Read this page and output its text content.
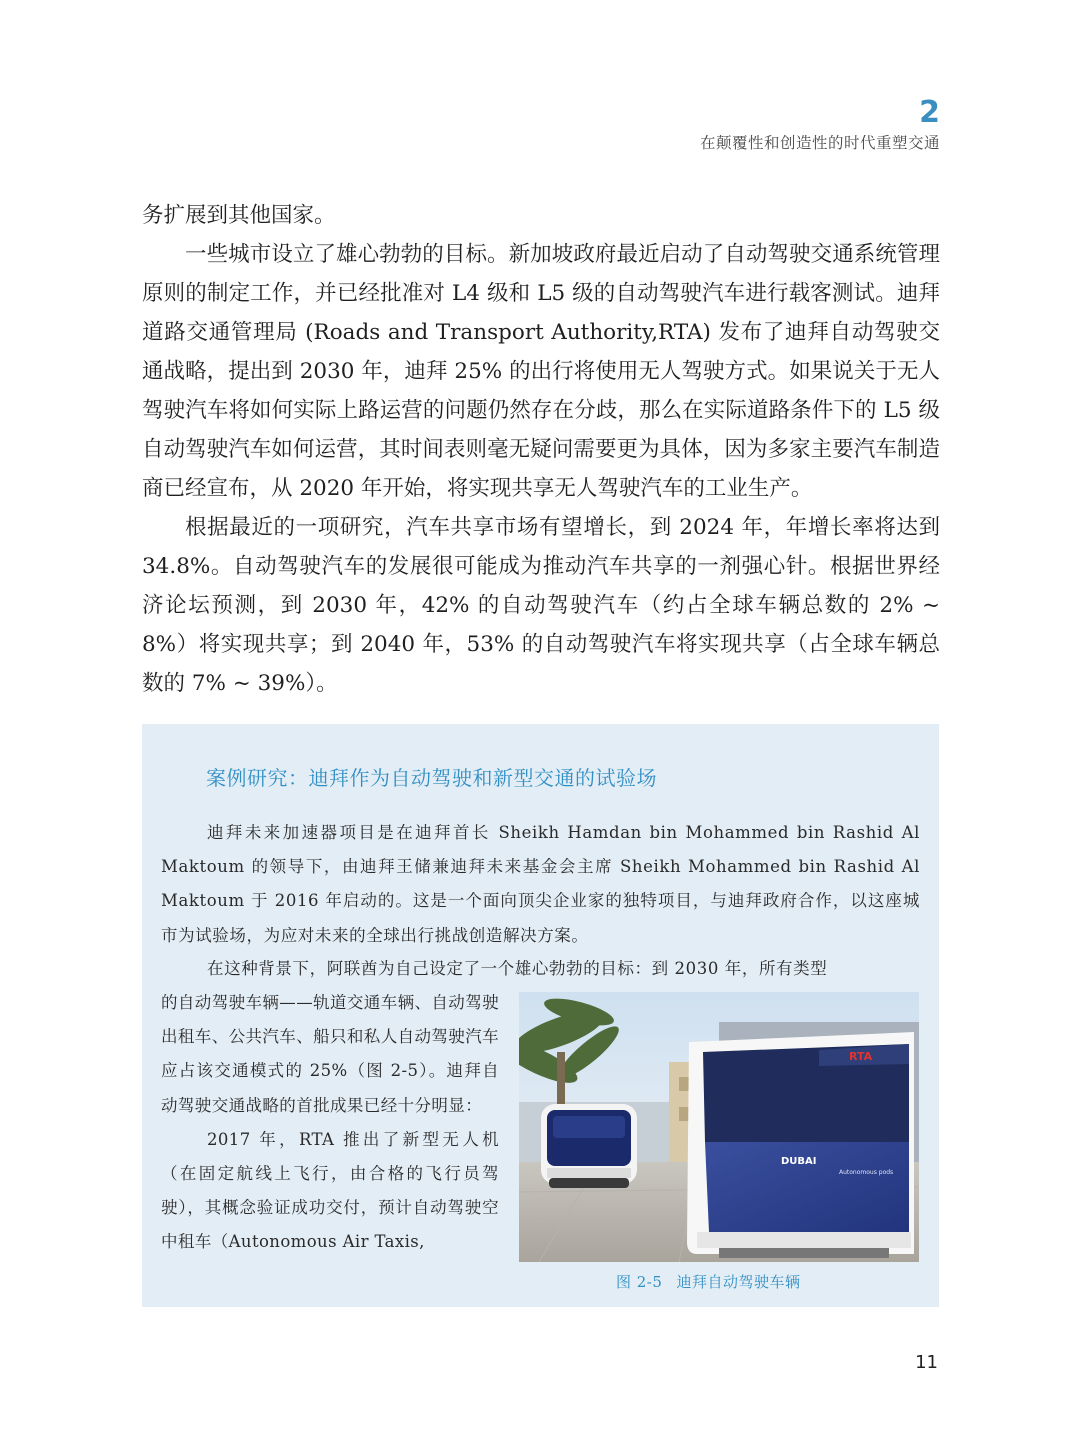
2
在颠覆性和创造性的时代重塑交通

务扩展到其他国家。

一些城市设立了雄心勃勃的目标。新加坡政府最近启动了自动驾驶交通系统管理原则的制定工作，并已经批准对 L4 级和 L5 级的自动驾驶汽车进行载客测试。迪拜道路交通管理局 (Roads and Transport Authority,RTA) 发布了迪拜自动驾驶交通战略，提出到 2030 年，迪拜 25% 的出行将使用无人驾驶方式。如果说关于无人驾驶汽车将如何实际上路运营的问题仍然存在分歧，那么在实际道路条件下的 L5 级自动驾驶汽车如何运营，其时间表则毫无疑问需要更为具体，因为多家主要汽车制造商已经宣布，从 2020 年开始，将实现共享无人驾驶汽车的工业生产。

根据最近的一项研究，汽车共享市场有望增长，到 2024 年，年增长率将达到 34.8%。自动驾驶汽车的发展很可能成为推动汽车共享的一剂强心针。根据世界经济论坛预测，到 2030 年，42% 的自动驾驶汽车（约占全球车辆总数的 2% ~ 8%）将实现共享；到 2040 年，53% 的自动驾驶汽车将实现共享（占全球车辆总数的 7% ~ 39%）。

案例研究：迪拜作为自动驾驶和新型交通的试验场

迪拜未来加速器项目是在迪拜首长 Sheikh Hamdan bin Mohammed bin Rashid Al Maktoum 的领导下，由迪拜王储兼迪拜未来基金会主席 Sheikh Mohammed bin Rashid Al Maktoum 于 2016 年启动的。这是一个面向顶尖企业家的独特项目，与迪拜政府合作，以这座城市为试验场，为应对未来的全球出行挑战创造解决方案。

在这种背景下，阿联酋为自己设定了一个雄心勃勃的目标：到 2030 年，所有类型

的自动驾驶车辆——轨道交通车辆、自动驾驶出租车、公共汽车、船只和私人自动驾驶汽车应占该交通模式的 25%（图 2-5）。迪拜自动驾驶交通战略的首批成果已经十分明显：

2017 年，RTA 推出了新型无人机（在固定航线上飞行，由合格的飞行员驾驶），其概念验证成功交付，预计自动驾驶空中租车（Autonomous Air Taxis,

RTA
DUBAI
Autonomous pods
图 2-5 迪拜自动驾驶车辆
11
